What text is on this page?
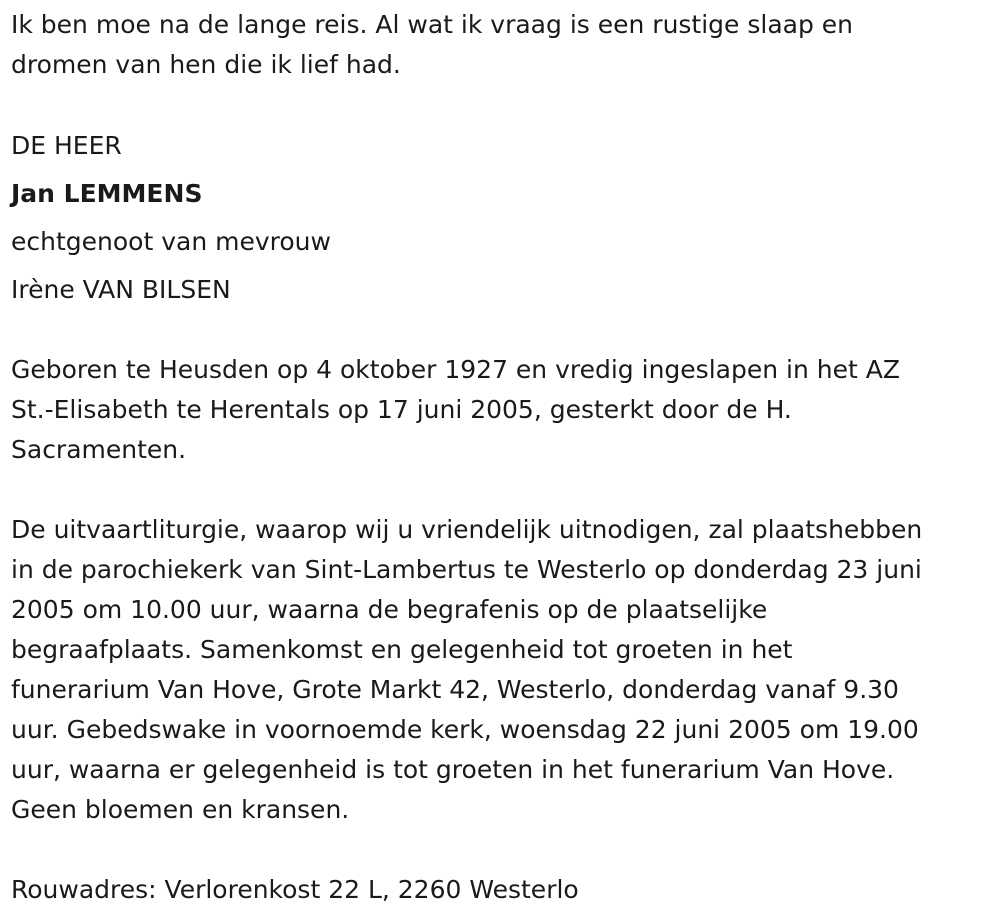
Ik ben moe na de lange reis. Al wat ik vraag is een rustige slaap en
dromen van hen die ik lief had.
DE HEER
Jan LEMMENS
echtgenoot van mevrouw
Irène VAN BILSEN
Geboren te Heusden op 4 oktober 1927 en vredig ingeslapen in het AZ
St.-Elisabeth te Herentals op 17 juni 2005, gesterkt door de H.
Sacramenten.
De uitvaartliturgie, waarop wij u vriendelijk uitnodigen, zal plaatshebben
in de parochiekerk van Sint-Lambertus te Westerlo op donderdag 23 juni
2005 om 10.00 uur, waarna de begrafenis op de plaatselijke
begraafplaats. Samenkomst en gelegenheid tot groeten in het
funerarium Van Hove, Grote Markt 42, Westerlo, donderdag vanaf 9.30
uur. Gebedswake in voornoemde kerk, woensdag 22 juni 2005 om 19.00
uur, waarna er gelegenheid is tot groeten in het funerarium Van Hove.
Geen bloemen en kransen.
Rouwadres: Verlorenkost 22 L, 2260 Westerlo
